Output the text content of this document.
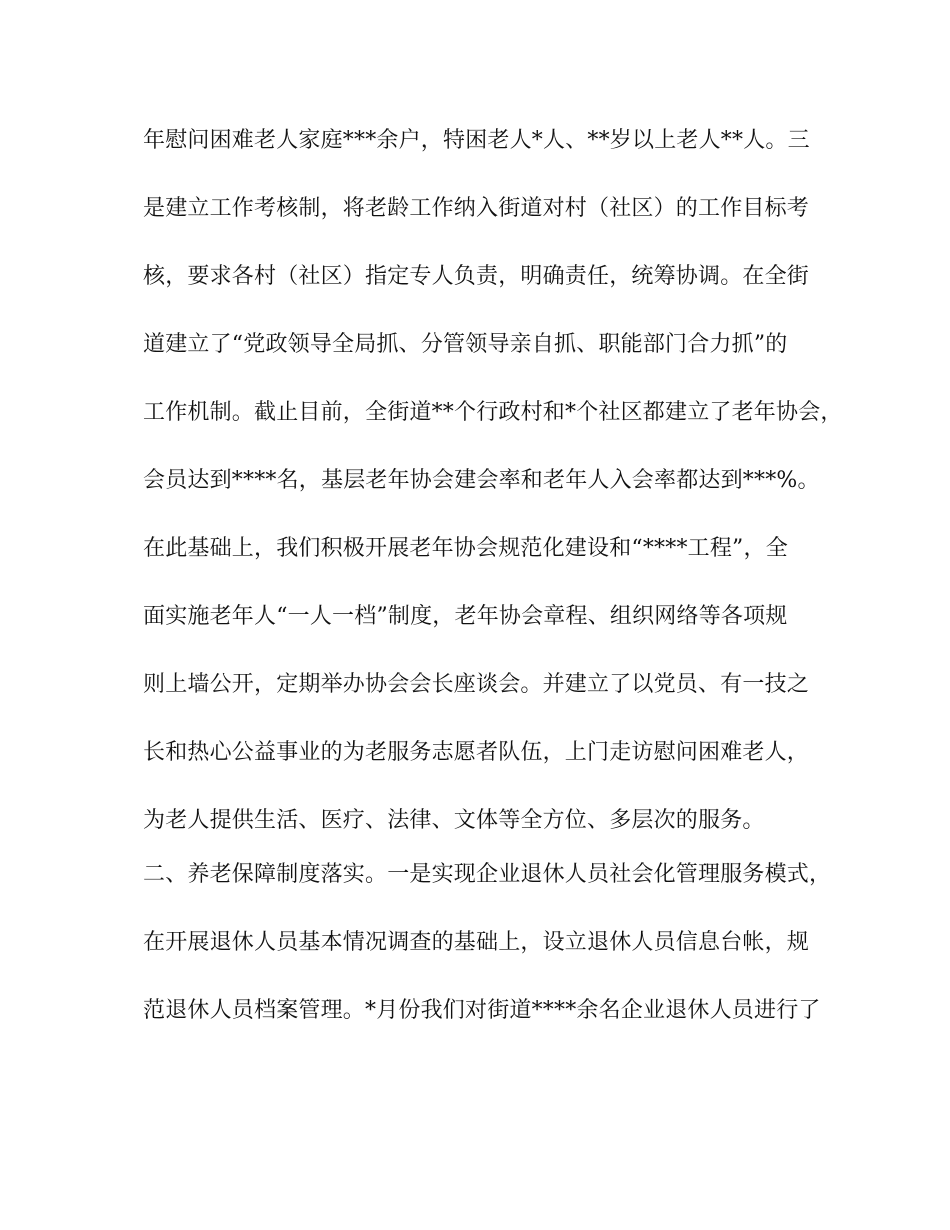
年慰问困难老人家庭***余户，特困老人*人、**岁以上老人**人。三
是建立工作考核制，将老龄工作纳入街道对村（社区）的工作目标考
核，要求各村（社区）指定专人负责，明确责任，统筹协调。在全街
道建立了“党政领导全局抓、分管领导亲自抓、职能部门合力抓”的
工作机制。截止目前，全街道**个行政村和*个社区都建立了老年协会，
会员达到****名，基层老年协会建会率和老年人入会率都达到***%。
在此基础上，我们积极开展老年协会规范化建设和“****工程”，全
面实施老年人“一人一档”制度，老年协会章程、组织网络等各项规
则上墙公开，定期举办协会会长座谈会。并建立了以党员、有一技之
长和热心公益事业的为老服务志愿者队伍，上门走访慰问困难老人，
为老人提供生活、医疗、法律、文体等全方位、多层次的服务。
二、养老保障制度落实。一是实现企业退休人员社会化管理服务模式，
在开展退休人员基本情况调查的基础上，设立退休人员信息台帐，规
范退休人员档案管理。*月份我们对街道****余名企业退休人员进行了
